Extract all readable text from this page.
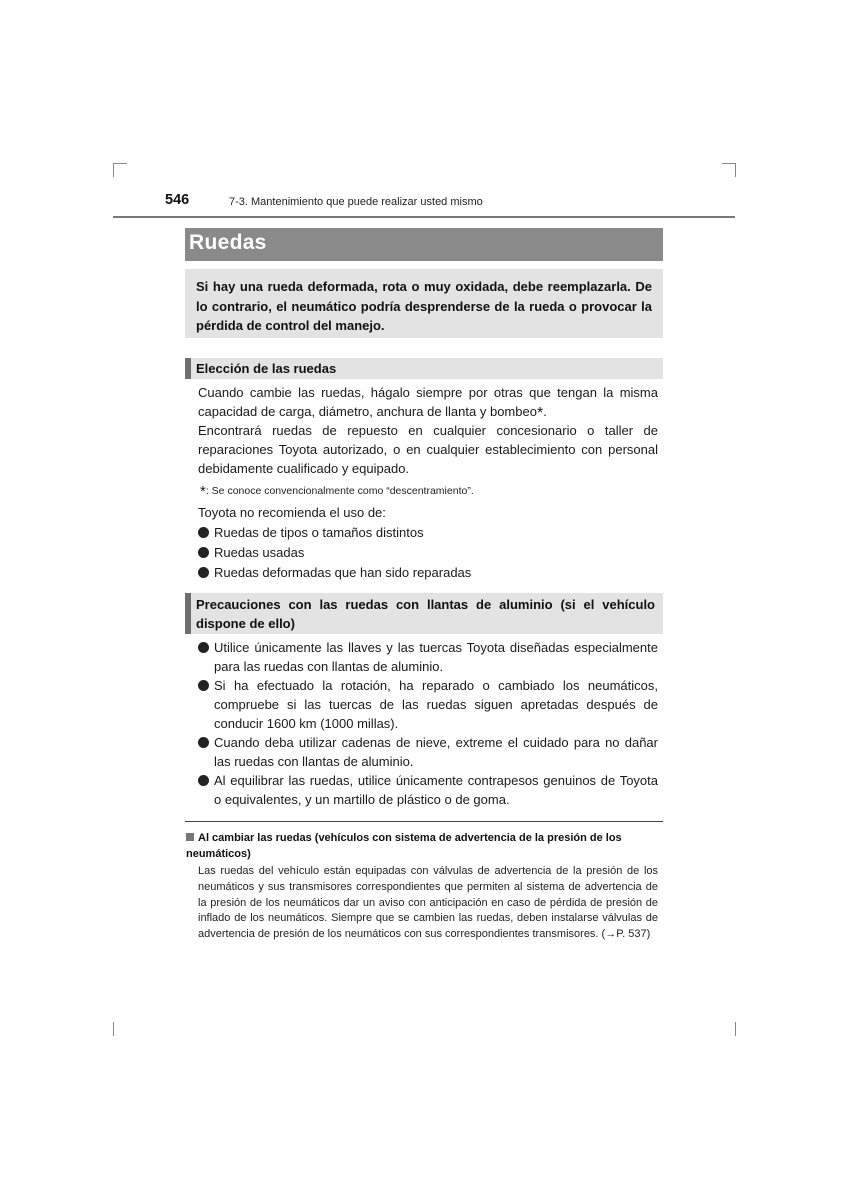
546	7-3. Mantenimiento que puede realizar usted mismo
Ruedas

Si hay una rueda deformada, rota o muy oxidada, debe reemplazarla. De lo contrario, el neumático podría desprenderse de la rueda o provocar la pérdida de control del manejo.

Elección de las ruedas

Cuando cambie las ruedas, hágalo siempre por otras que tengan la misma capacidad de carga, diámetro, anchura de llanta y bombeo*.

Encontrará ruedas de repuesto en cualquier concesionario o taller de reparaciones Toyota autorizado, o en cualquier establecimiento con personal debidamente cualificado y equipado.

*: Se conoce convencionalmente como “descentramiento”.
Toyota no recomienda el uso de:
Ruedas de tipos o tamaños distintos
Ruedas usadas
Ruedas deformadas que han sido reparadas
Precauciones con las ruedas con llantas de aluminio (si el vehículo dispone de ello)
Utilice únicamente las llaves y las tuercas Toyota diseñadas especialmente para las ruedas con llantas de aluminio.
Si ha efectuado la rotación, ha reparado o cambiado los neumáticos, compruebe si las tuercas de las ruedas siguen apretadas después de conducir 1600 km (1000 millas).
Cuando deba utilizar cadenas de nieve, extreme el cuidado para no dañar las ruedas con llantas de aluminio.
Al equilibrar las ruedas, utilice únicamente contrapesos genuinos de Toyota o equivalentes, y un martillo de plástico o de goma.
Al cambiar las ruedas (vehículos con sistema de advertencia de la presión de los neumáticos)
Las ruedas del vehículo están equipadas con válvulas de advertencia de la presión de los neumáticos y sus transmisores correspondientes que permiten al sistema de advertencia de la presión de los neumáticos dar un aviso con anticipación en caso de pérdida de presión de inflado de los neumáticos. Siempre que se cambien las ruedas, deben instalarse válvulas de advertencia de presión de los neumáticos con sus correspondientes transmisores. (→P. 537)
